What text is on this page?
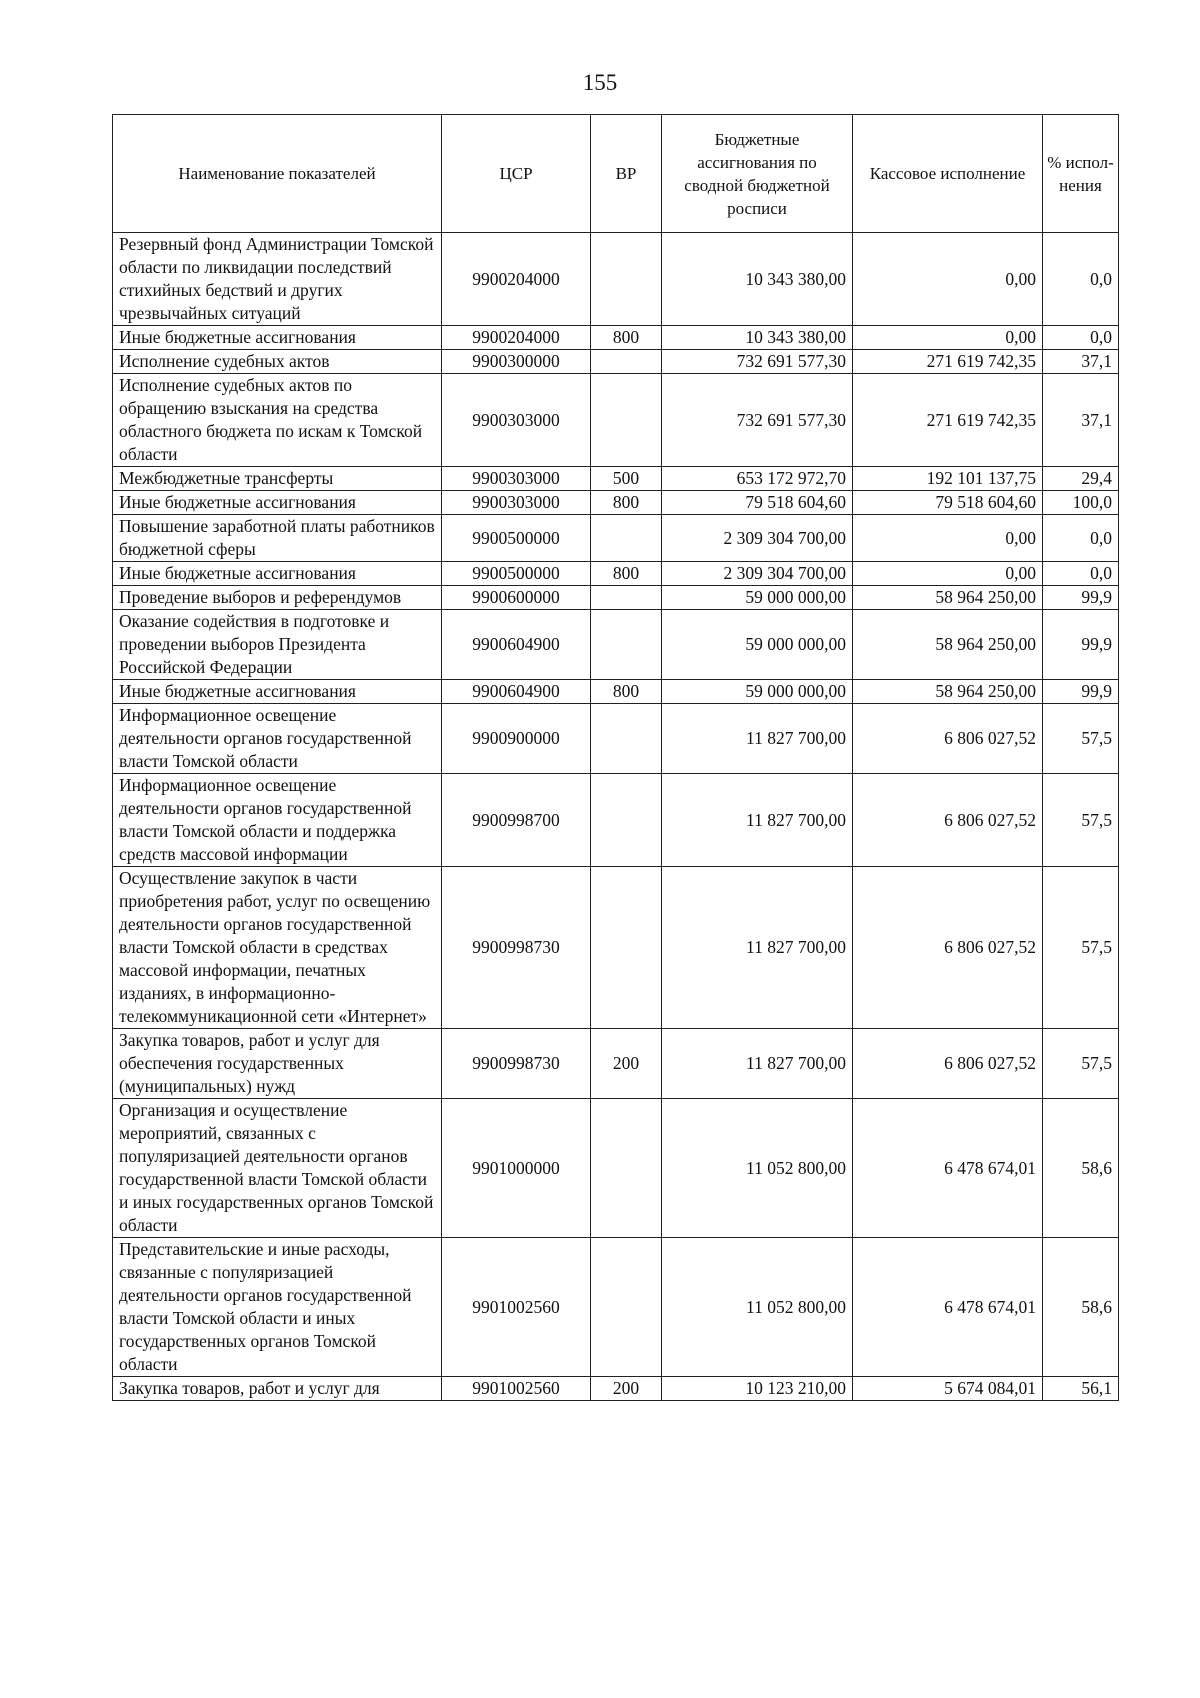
155
Наименование показателей	ЦСР	ВР	Бюджетные ассигнования по сводной бюджетной росписи	Кассовое исполнение	% испол-нения
Резервный фонд Администрации Томской области по ликвидации последствий стихийных бедствий и других чрезвычайных ситуаций	9900204000		10 343 380,00	0,00	0,0
Иные бюджетные ассигнования	9900204000	800	10 343 380,00	0,00	0,0
Исполнение судебных актов	9900300000		732 691 577,30	271 619 742,35	37,1
Исполнение судебных актов по обращению взыскания на средства областного бюджета по искам к Томской области	9900303000		732 691 577,30	271 619 742,35	37,1
Межбюджетные трансферты	9900303000	500	653 172 972,70	192 101 137,75	29,4
Иные бюджетные ассигнования	9900303000	800	79 518 604,60	79 518 604,60	100,0
Повышение заработной платы работников бюджетной сферы	9900500000		2 309 304 700,00	0,00	0,0
Иные бюджетные ассигнования	9900500000	800	2 309 304 700,00	0,00	0,0
Проведение выборов и референдумов	9900600000		59 000 000,00	58 964 250,00	99,9
Оказание содействия в подготовке и проведении выборов Президента Российской Федерации	9900604900		59 000 000,00	58 964 250,00	99,9
Иные бюджетные ассигнования	9900604900	800	59 000 000,00	58 964 250,00	99,9
Информационное освещение деятельности органов государственной власти Томской области	9900900000		11 827 700,00	6 806 027,52	57,5
Информационное освещение деятельности органов государственной власти Томской области и поддержка средств массовой информации	9900998700		11 827 700,00	6 806 027,52	57,5
Осуществление закупок в части приобретения работ, услуг по освещению деятельности органов государственной власти Томской области в средствах массовой информации, печатных изданиях, в информационно-телекоммуникационной сети «Интернет»	9900998730		11 827 700,00	6 806 027,52	57,5
Закупка товаров, работ и услуг для обеспечения государственных (муниципальных) нужд	9900998730	200	11 827 700,00	6 806 027,52	57,5
Организация и осуществление мероприятий, связанных с популяризацией деятельности органов государственной власти Томской области и иных государственных органов Томской области	9901000000		11 052 800,00	6 478 674,01	58,6
Представительские и иные расходы, связанные с популяризацией деятельности органов государственной власти Томской области и иных государственных органов Томской области	9901002560		11 052 800,00	6 478 674,01	58,6
Закупка товаров, работ и услуг для	9901002560	200	10 123 210,00	5 674 084,01	56,1
